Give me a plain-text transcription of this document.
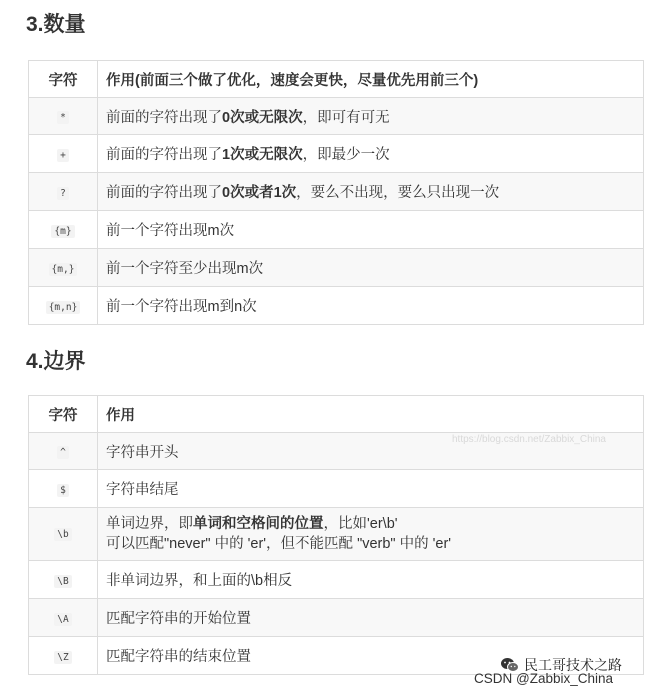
3.数量
字符	作用(前面三个做了优化，速度会更快，尽量优先用前三个)
*	前面的字符出现了0次或无限次，即可有可无
+	前面的字符出现了1次或无限次，即最少一次
?	前面的字符出现了0次或者1次，要么不出现，要么只出现一次
{m}	前一个字符出现m次
{m,}	前一个字符至少出现m次
{m,n}	前一个字符出现m到n次
4.边界
字符	作用
^	字符串开头
$	字符串结尾
\b	单词边界，即单词和空格间的位置，比如'er\b'
可以匹配"never" 中的 'er'，但不能匹配 "verb" 中的 'er'
\B	非单词边界，和上面的\b相反
\A	匹配字符串的开始位置
\Z	匹配字符串的结束位置
https://blog.csdn.net/Zabbix_China
民工哥技术之路
CSDN @Zabbix_China
